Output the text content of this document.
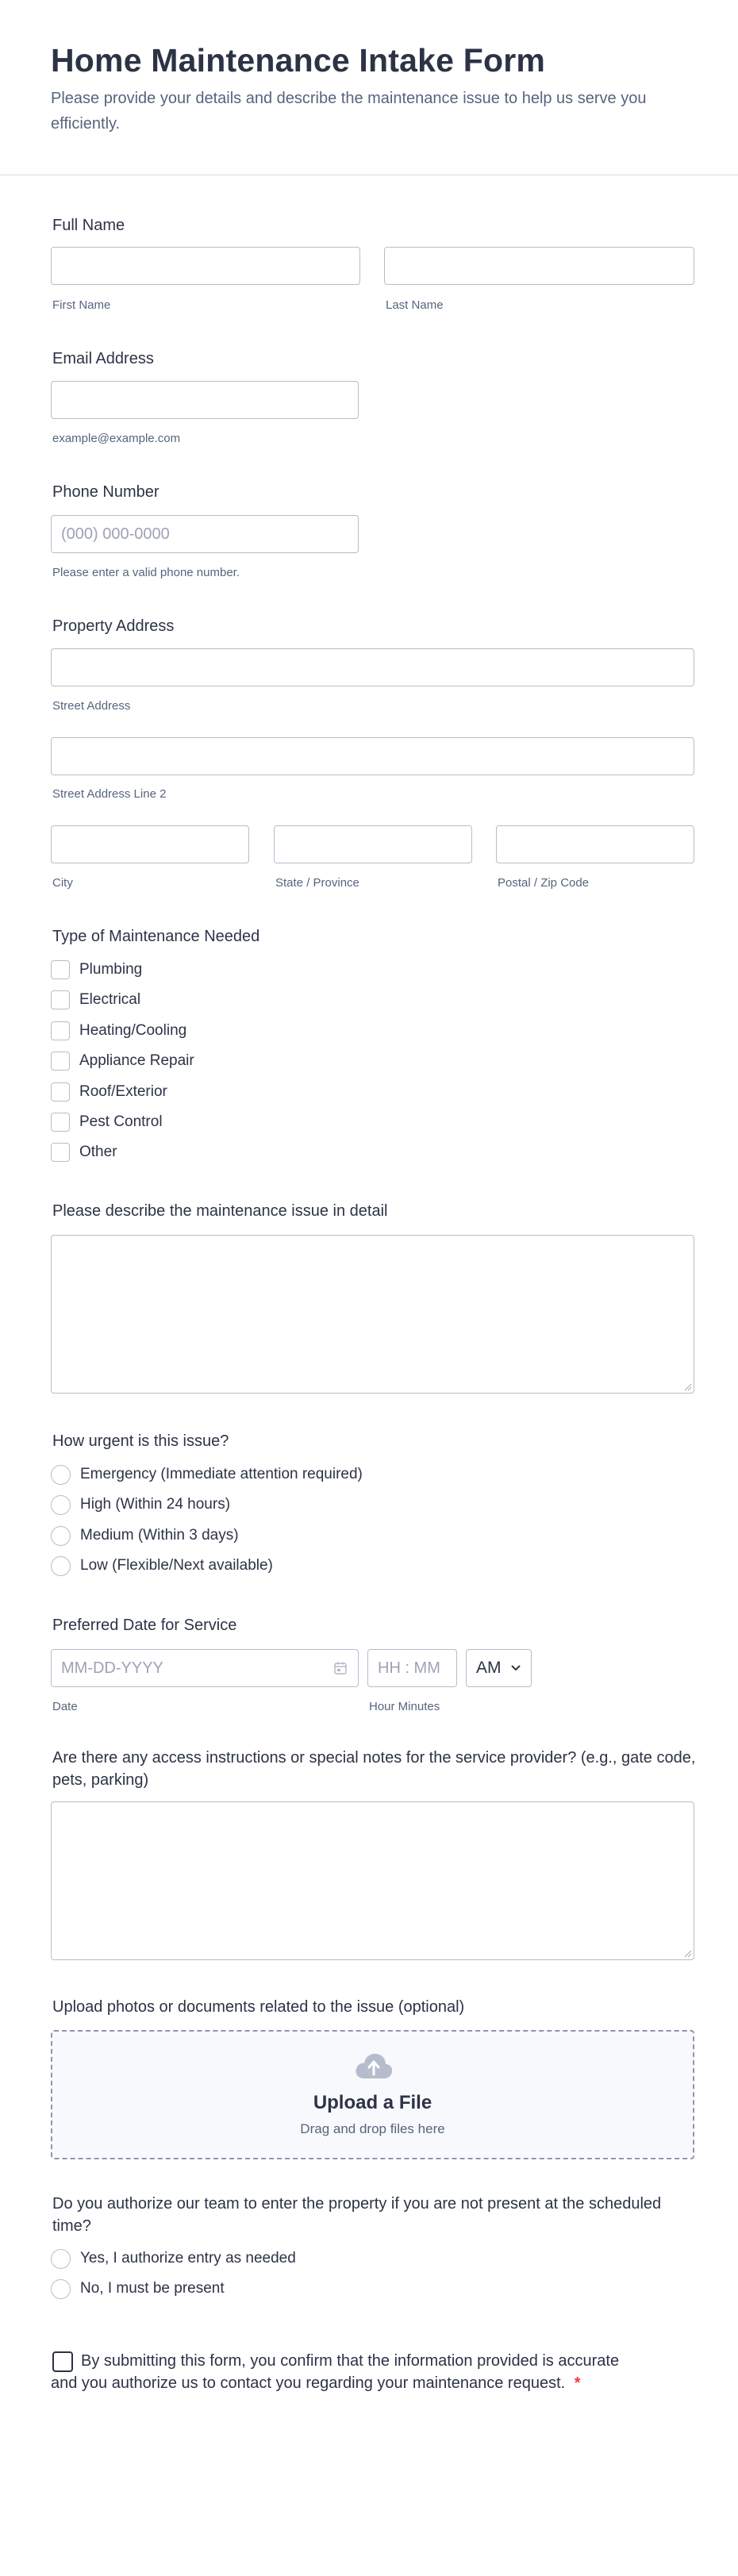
Home Maintenance Intake Form

Please provide your details and describe the maintenance issue to help us serve you efficiently.

Full Name
First Name	Last Name
Email Address
example@example.com
Phone Number
(000) 000-0000
Please enter a valid phone number.
Property Address
Street Address
Street Address Line 2
City	State / Province	Postal / Zip Code
Type of Maintenance Needed
Plumbing
Electrical
Heating/Cooling
Appliance Repair
Roof/Exterior
Pest Control
Other
Please describe the maintenance issue in detail
How urgent is this issue?
Emergency (Immediate attention required)
High (Within 24 hours)
Medium (Within 3 days)
Low (Flexible/Next available)
Preferred Date for Service
MM-DD-YYYY
HH : MM
AM
Date	Hour Minutes
Are there any access instructions or special notes for the service provider? (e.g., gate code, pets, parking)
Upload photos or documents related to the issue (optional)
Upload a File
Drag and drop files here
Do you authorize our team to enter the property if you are not present at the scheduled time?
Yes, I authorize entry as needed
No, I must be present
By submitting this form, you confirm that the information provided is accurate and you authorize us to contact you regarding your maintenance request. *
